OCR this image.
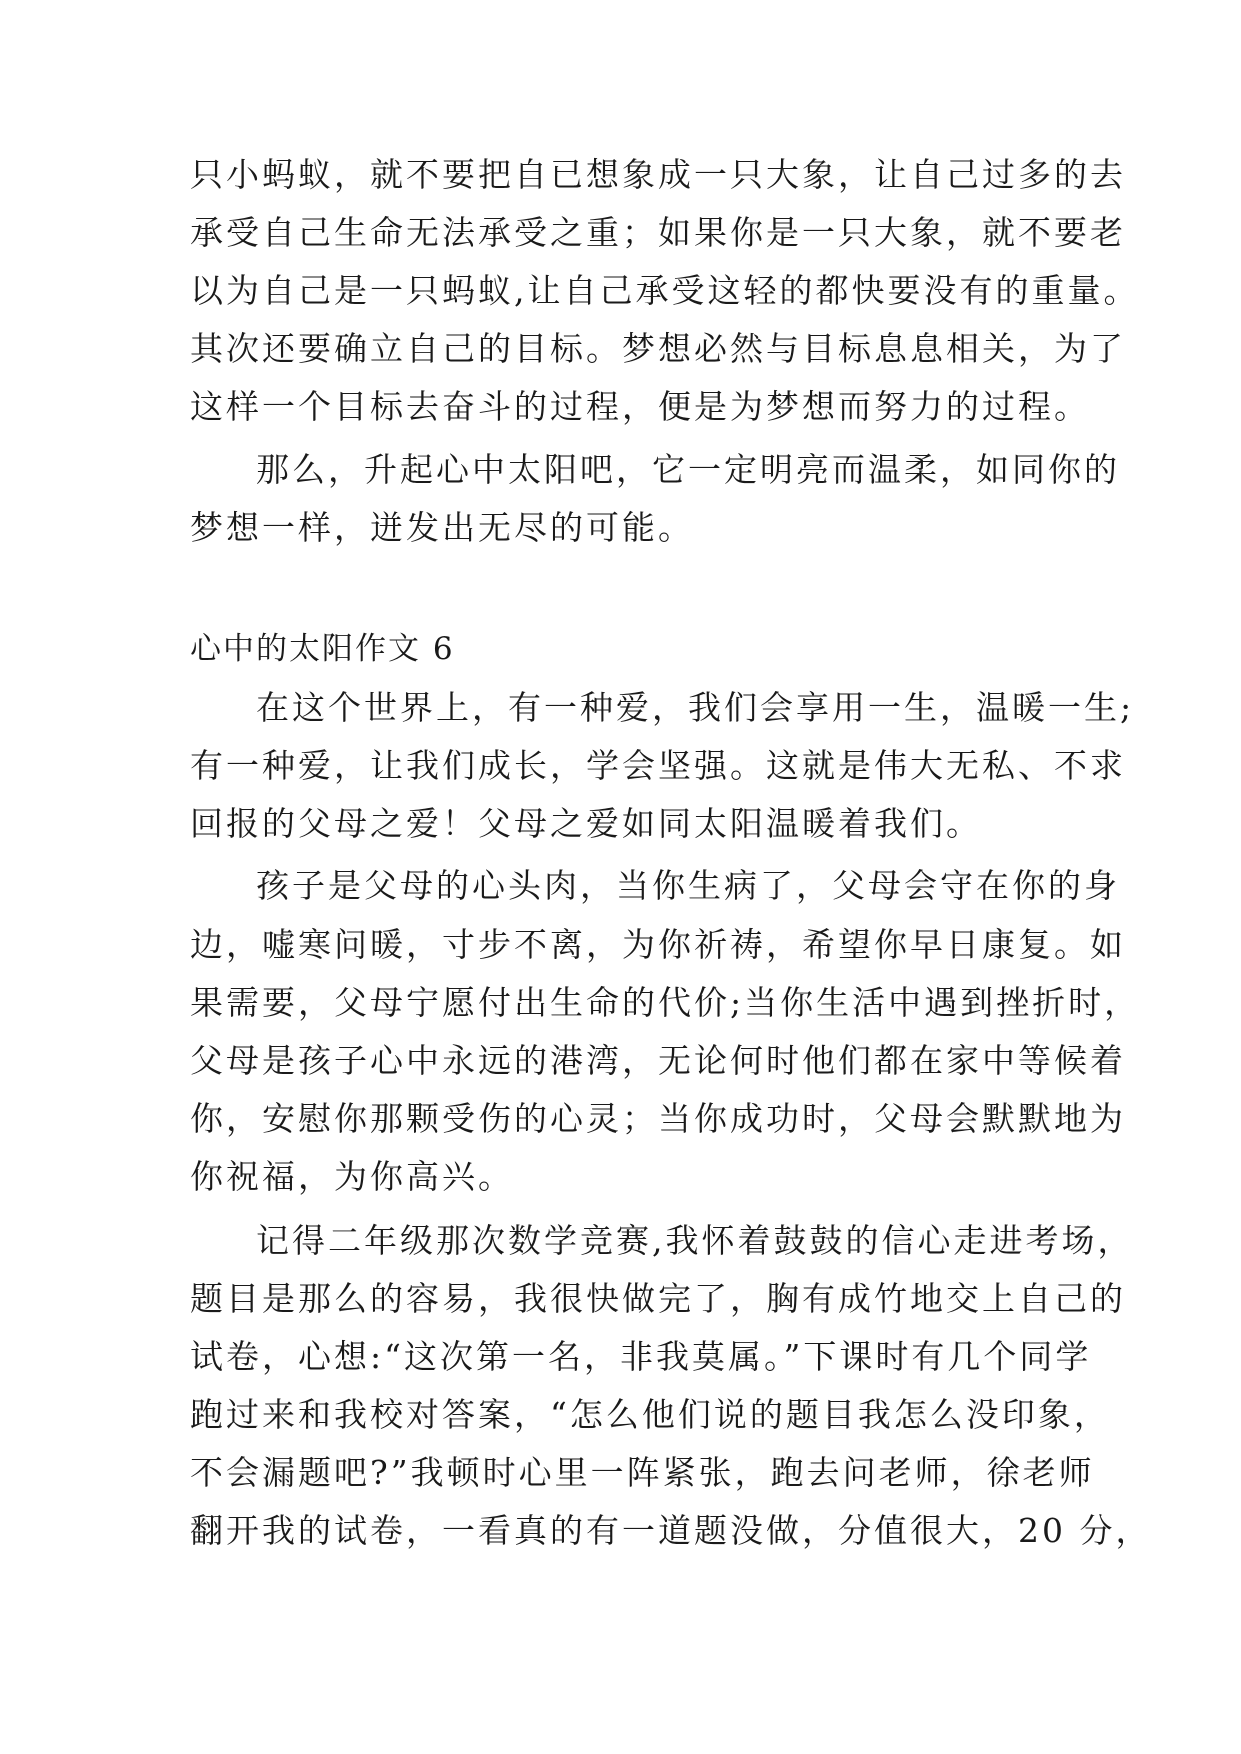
只小蚂蚁，就不要把自已想象成一只大象，让自己过多的去
承受自己生命无法承受之重；如果你是一只大象，就不要老
以为自己是一只蚂蚁,让自己承受这轻的都快要没有的重量。
其次还要确立自己的目标。梦想必然与目标息息相关，为了
这样一个目标去奋斗的过程，便是为梦想而努力的过程。
那么，升起心中太阳吧，它一定明亮而温柔，如同你的
梦想一样，迸发出无尽的可能。
心中的太阳作文 6
在这个世界上，有一种爱，我们会享用一生，温暖一生;
有一种爱，让我们成长，学会坚强。这就是伟大无私、不求
回报的父母之爱！父母之爱如同太阳温暖着我们。
孩子是父母的心头肉，当你生病了，父母会守在你的身
边，嘘寒问暖，寸步不离，为你祈祷，希望你早日康复。如
果需要，父母宁愿付出生命的代价;当你生活中遇到挫折时，
父母是孩子心中永远的港湾，无论何时他们都在家中等候着
你，安慰你那颗受伤的心灵；当你成功时，父母会默默地为
你祝福，为你高兴。
记得二年级那次数学竞赛,我怀着鼓鼓的信心走进考场，
题目是那么的容易，我很快做完了，胸有成竹地交上自己的
试卷，心想:“这次第一名，非我莫属。”下课时有几个同学
跑过来和我校对答案，“怎么他们说的题目我怎么没印象，
不会漏题吧?”我顿时心里一阵紧张，跑去问老师，徐老师
翻开我的试卷，一看真的有一道题没做，分值很大，20 分，
